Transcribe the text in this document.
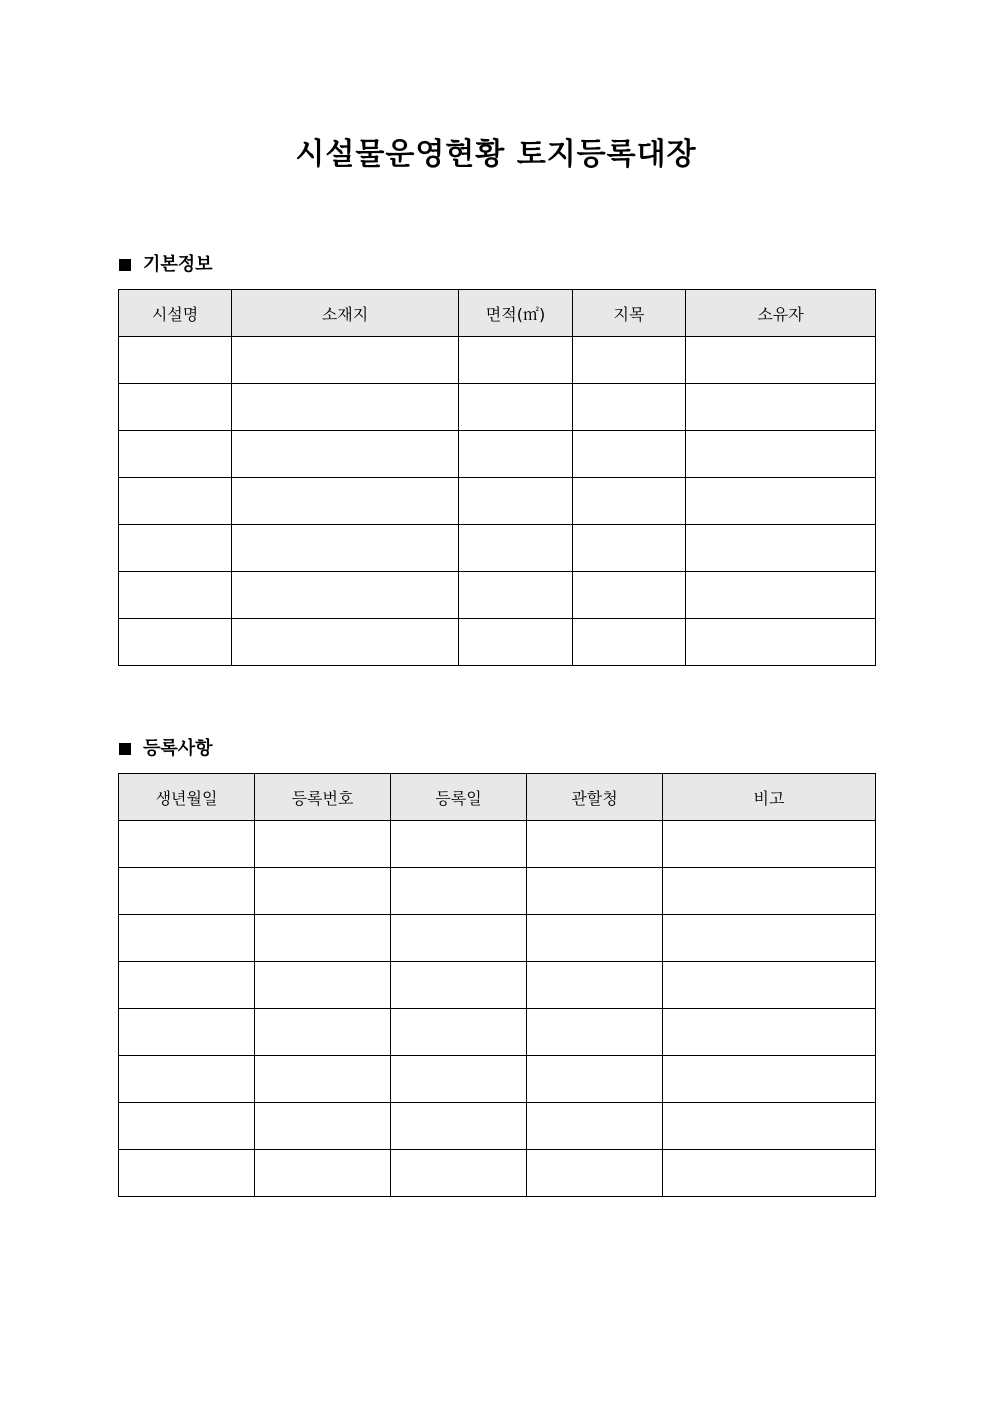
시설물운영현황 토지등록대장
기본정보
시설명	소재지	면적(㎡)	지목	소유자

등록사항
생년월일	등록번호	등록일	관할청	비고
